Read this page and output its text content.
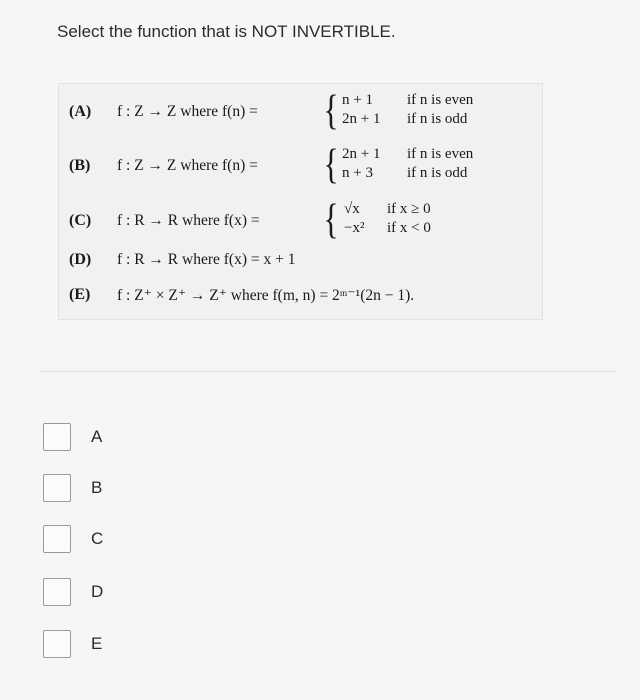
Select the function that is NOT INVERTIBLE.
(A) f : Z → Z where f(n) = { n + 1 if n is even
2n + 1 if n is odd
(B) f : Z → Z where f(n) = { 2n + 1 if n is even
n + 3 if n is odd
(C) f : R → R where f(x) = { √x if x ≥ 0
−x² if x < 0
(D) f : R → R where f(x) = x + 1
(E) f : Z⁺ × Z⁺ → Z⁺ where f(m, n) = 2ᵐ⁻¹(2n − 1).
A
B
C
D
E
